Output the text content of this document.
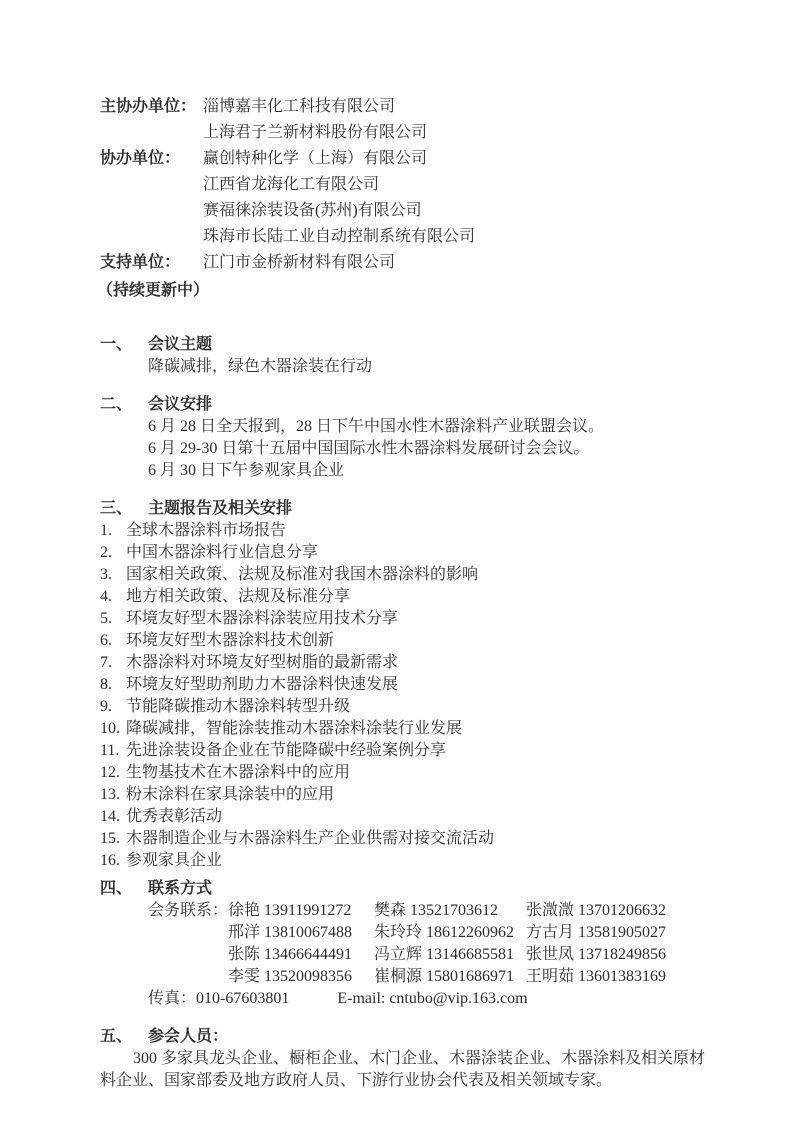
主协办单位： 淄博嘉丰化工科技有限公司
上海君子兰新材料股份有限公司
协办单位：	赢创特种化学（上海）有限公司
江西省龙海化工有限公司
赛福徕涂装设备(苏州)有限公司
珠海市长陆工业自动控制系统有限公司
支持单位：	江门市金桥新材料有限公司
（持续更新中）
一、 会议主题
降碳减排，绿色木器涂装在行动
二、 会议安排
6 月 28 日全天报到，28 日下午中国水性木器涂料产业联盟会议。
6 月 29-30 日第十五届中国国际水性木器涂料发展研讨会会议。
6 月 30 日下午参观家具企业
三、 主题报告及相关安排
1. 全球木器涂料市场报告
2. 中国木器涂料行业信息分享
3. 国家相关政策、法规及标准对我国木器涂料的影响
4. 地方相关政策、法规及标准分享
5. 环境友好型木器涂料涂装应用技术分享
6. 环境友好型木器涂料技术创新
7. 木器涂料对环境友好型树脂的最新需求
8. 环境友好型助剂助力木器涂料快速发展
9. 节能降碳推动木器涂料转型升级
10. 降碳减排，智能涂装推动木器涂料涂装行业发展
11. 先进涂装设备企业在节能降碳中经验案例分享
12. 生物基技术在木器涂料中的应用
13. 粉末涂料在家具涂装中的应用
14. 优秀表彰活动
15. 木器制造企业与木器涂料生产企业供需对接交流活动
16. 参观家具企业
四、 联系方式
会务联系： 徐艳 13911991272	樊森 13521703612	张溦溦 13701206632
邢洋 13810067488	朱玲玲 18612260962 方古月 13581905027
张陈 13466644491	冯立辉 13146685581 张世凤 13718249856
李雯 13520098356	崔桐源 15801686971 王明茹 13601383169
传真：010-67603801	E-mail: cntubo@vip.163.com
五、 参会人员：
300 多家具龙头企业、橱柜企业、木门企业、木器涂装企业、木器涂料及相关原材料企业、国家部委及地方政府人员、下游行业协会代表及相关领域专家。
